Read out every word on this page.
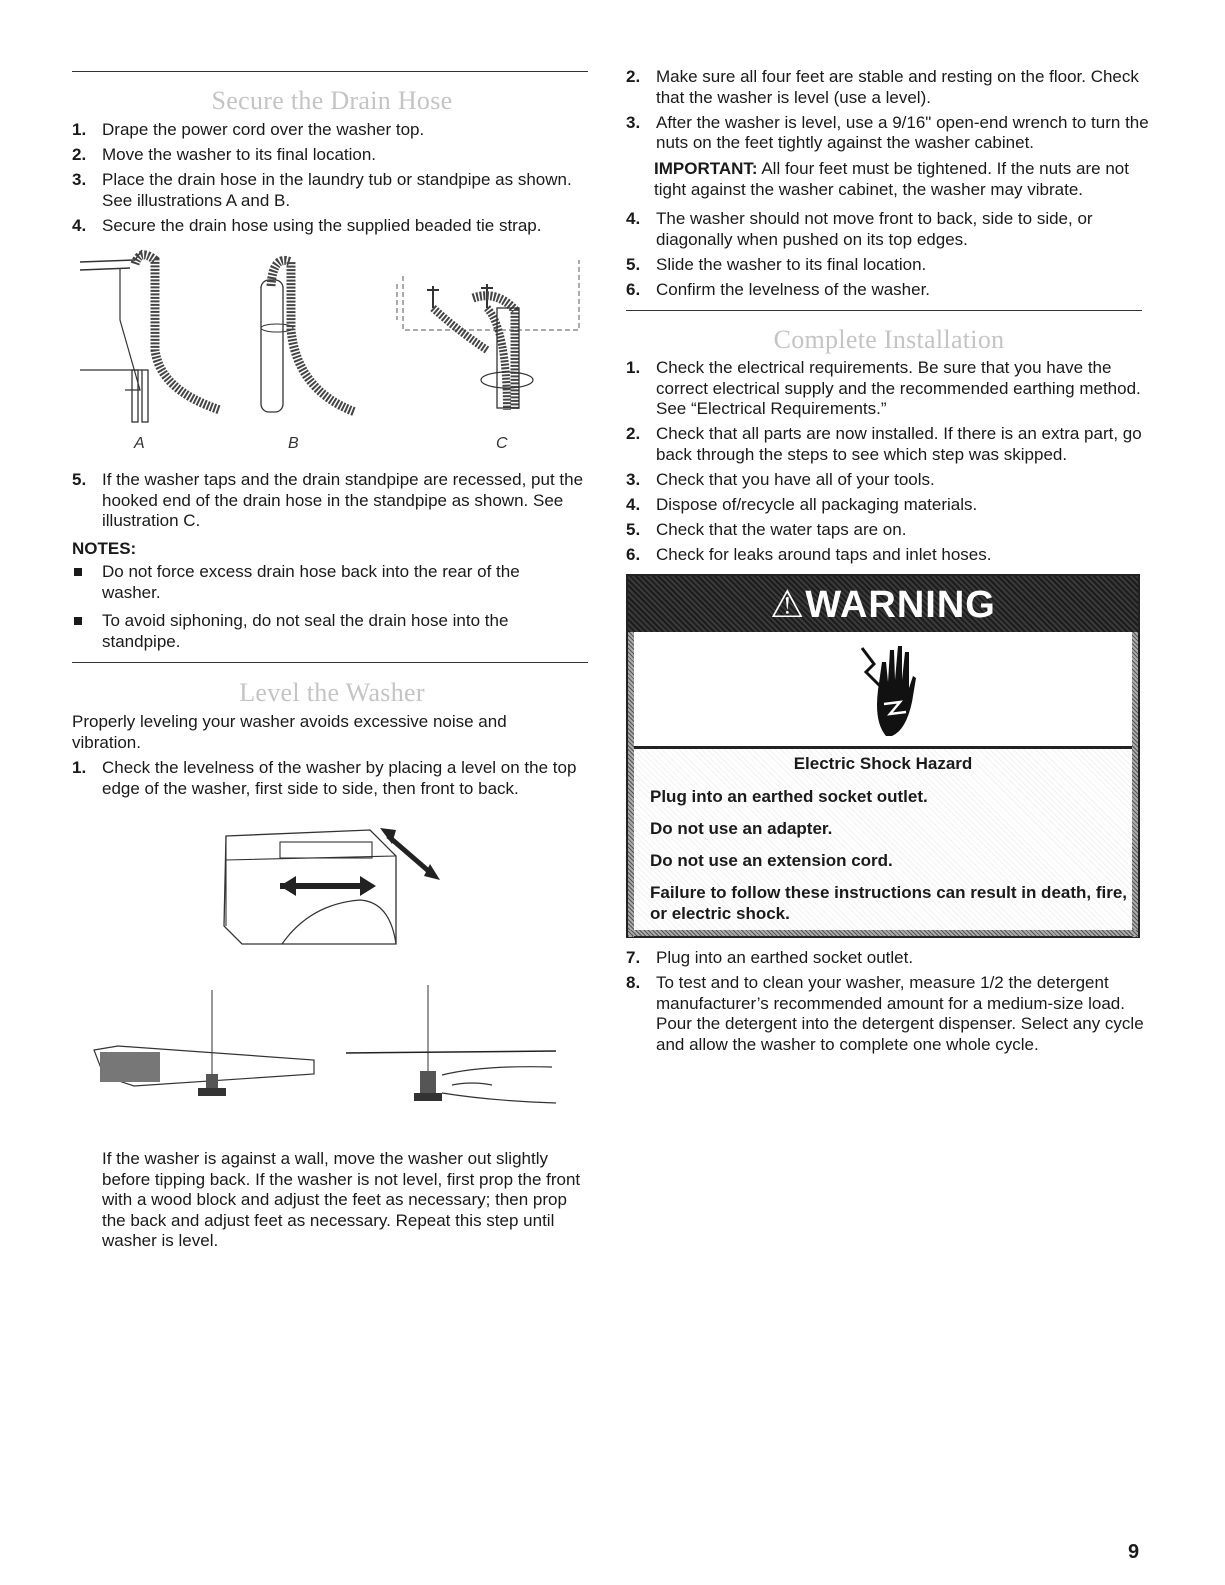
Secure the Drain Hose
1. Drape the power cord over the washer top.
2. Move the washer to its final location.
3. Place the drain hose in the laundry tub or standpipe as shown. See illustrations A and B.
4. Secure the drain hose using the supplied beaded tie strap.
A	B	C
5. If the washer taps and the drain standpipe are recessed, put the hooked end of the drain hose in the standpipe as shown. See illustration C.
NOTES:
Do not force excess drain hose back into the rear of the washer.
To avoid siphoning, do not seal the drain hose into the standpipe.
Level the Washer
Properly leveling your washer avoids excessive noise and vibration.
1. Check the levelness of the washer by placing a level on the top edge of the washer, first side to side, then front to back.
If the washer is against a wall, move the washer out slightly before tipping back. If the washer is not level, first prop the front with a wood block and adjust the feet as necessary; then prop the back and adjust feet as necessary. Repeat this step until washer is level.
2. Make sure all four feet are stable and resting on the floor. Check that the washer is level (use a level).
3. After the washer is level, use a 9/16" open-end wrench to turn the nuts on the feet tightly against the washer cabinet.
IMPORTANT: All four feet must be tightened. If the nuts are not tight against the washer cabinet, the washer may vibrate.
4. The washer should not move front to back, side to side, or diagonally when pushed on its top edges.
5. Slide the washer to its final location.
6. Confirm the levelness of the washer.
Complete Installation
1. Check the electrical requirements. Be sure that you have the correct electrical supply and the recommended earthing method. See “Electrical Requirements.”
2. Check that all parts are now installed. If there is an extra part, go back through the steps to see which step was skipped.
3. Check that you have all of your tools.
4. Dispose of/recycle all packaging materials.
5. Check that the water taps are on.
6. Check for leaks around taps and inlet hoses.
7. Plug into an earthed socket outlet.
8. To test and to clean your washer, measure 1/2 the detergent manufacturer’s recommended amount for a medium-size load. Pour the detergent into the detergent dispenser. Select any cycle and allow the washer to complete one whole cycle.
⚠WARNING
Electric Shock Hazard
Plug into an earthed socket outlet.
Do not use an adapter.
Do not use an extension cord.
Failure to follow these instructions can result in death, fire, or electric shock.
9
